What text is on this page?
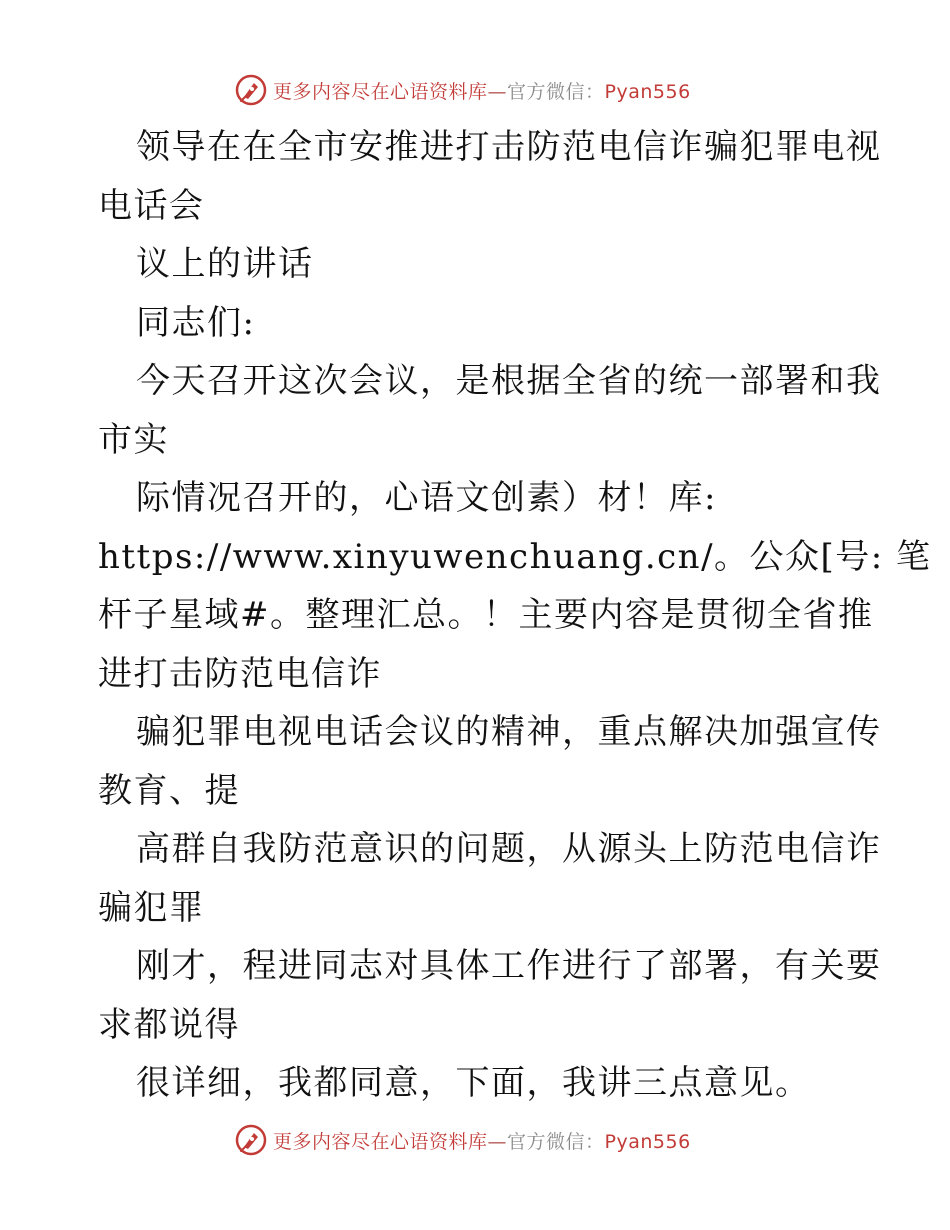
更多内容尽在心语资料库—官方微信：Pyan556
领导在在全市安推进打击防范电信诈骗犯罪电视
电话会
议上的讲话
同志们:
今天召开这次会议，是根据全省的统一部署和我
市实
际情况召开的，心语文创素）材！库:
https://www.xinyuwenchuang.cn/。公众[号: 笔
杆子星域#。整理汇总。！主要内容是贯彻全省推
进打击防范电信诈
骗犯罪电视电话会议的精神，重点解决加强宣传
教育、提
高群自我防范意识的问题，从源头上防范电信诈
骗犯罪
刚才，程进同志对具体工作进行了部署，有关要
求都说得
很详细，我都同意，下面，我讲三点意见。
更多内容尽在心语资料库—官方微信：Pyan556
